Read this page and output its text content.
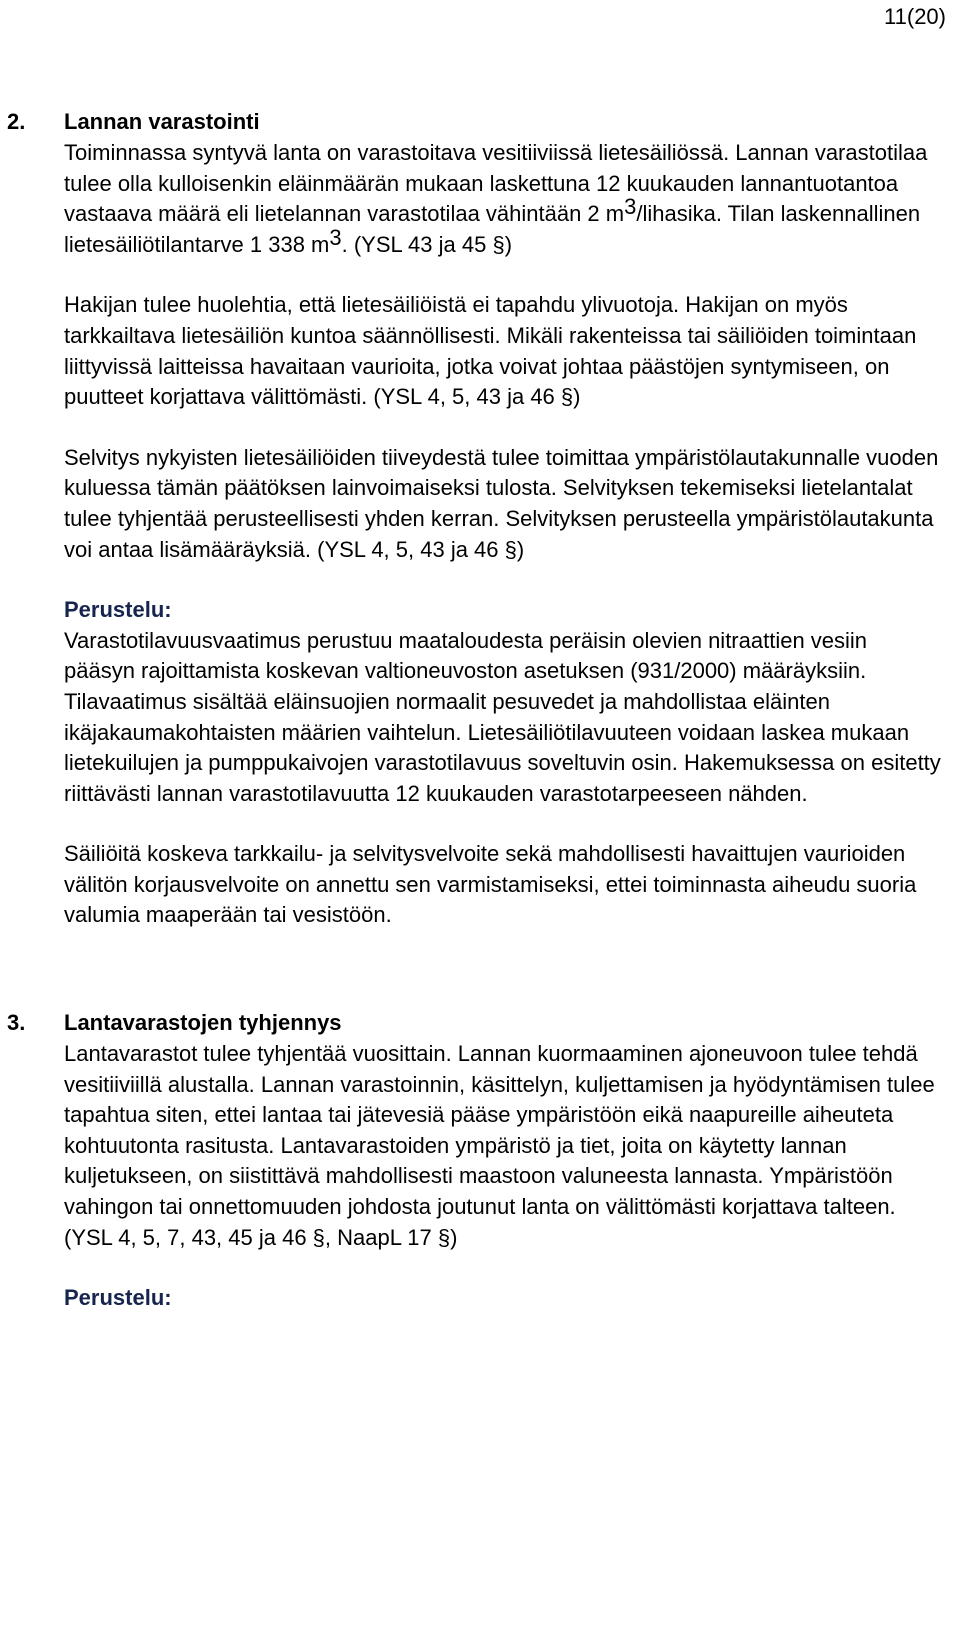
11(20)
2. Lannan varastointi

Toiminnassa syntyvä lanta on varastoitava vesitiiviissä lietesäiliössä. Lannan varastotilaa tulee olla kulloisenkin eläinmäärän mukaan laskettuna 12 kuukauden lannantuotantoa vastaava määrä eli lietelannan varastotilaa vähintään 2 $m^3$/lihasika. Tilan laskennallinen lietesäiliötilantarve 1 338 $m^3$. (YSL 43 ja 45 §)

Hakijan tulee huolehtia, että lietesäiliöistä ei tapahdu ylivuotoja. Hakijan on myös tarkkailtava lietesäiliön kuntoa säännöllisesti. Mikäli rakenteissa tai säiliöiden toimintaan liittyvissä laitteissa havaitaan vaurioita, jotka voivat johtaa päästöjen syntymiseen, on puutteet korjattava välittömästi. (YSL 4, 5, 43 ja 46 §)

Selvitys nykyisten lietesäiliöiden tiiveydestä tulee toimittaa ympäristölautakunnalle vuoden kuluessa tämän päätöksen lainvoimaiseksi tulosta. Selvityksen tekemiseksi lietelantalat tulee tyhjentää perusteellisesti yhden kerran. Selvityksen perusteella ympäristölautakunta voi antaa lisämääräyksiä. (YSL 4, 5, 43 ja 46 §)

Perustelu:

Varastotilavuusvaatimus perustuu maataloudesta peräisin olevien nitraattien vesiin pääsyn rajoittamista koskevan valtioneuvoston asetuksen (931/2000) määräyksiin. Tilavaatimus sisältää eläinsuojien normaalit pesuvedet ja mahdollistaa eläinten ikäjakaumakohtaisten määrien vaihtelun. Lietesäiliötilavuuteen voidaan laskea mukaan lietekuilujen ja pumppukaivojen varastotilavuus soveltuvin osin. Hakemuksessa on esitetty riittävästi lannan varastotilavuutta 12 kuukauden varastotarpeeseen nähden.

Säiliöitä koskeva tarkkailu- ja selvitysvelvoite sekä mahdollisesti havaittujen vaurioiden välitön korjausvelvoite on annettu sen varmistamiseksi, ettei toiminnasta aiheudu suoria valumia maaperään tai vesistöön.

3. Lantavarastojen tyhjennys

Lantavarastot tulee tyhjentää vuosittain. Lannan kuormaaminen ajoneuvoon tulee tehdä vesitiiviillä alustalla. Lannan varastoinnin, käsittelyn, kuljettamisen ja hyödyntämisen tulee tapahtua siten, ettei lantaa tai jätevesiä pääse ympäristöön eikä naapureille aiheuteta kohtuutonta rasitusta. Lantavarastoiden ympäristö ja tiet, joita on käytetty lannan kuljetukseen, on siistittävä mahdollisesti maastoon valuneesta lannasta. Ympäristöön vahingon tai onnettomuuden johdosta joutunut lanta on välittömästi korjattava talteen. (YSL 4, 5, 7, 43, 45 ja 46 §, NaapL 17 §)

Perustelu:
